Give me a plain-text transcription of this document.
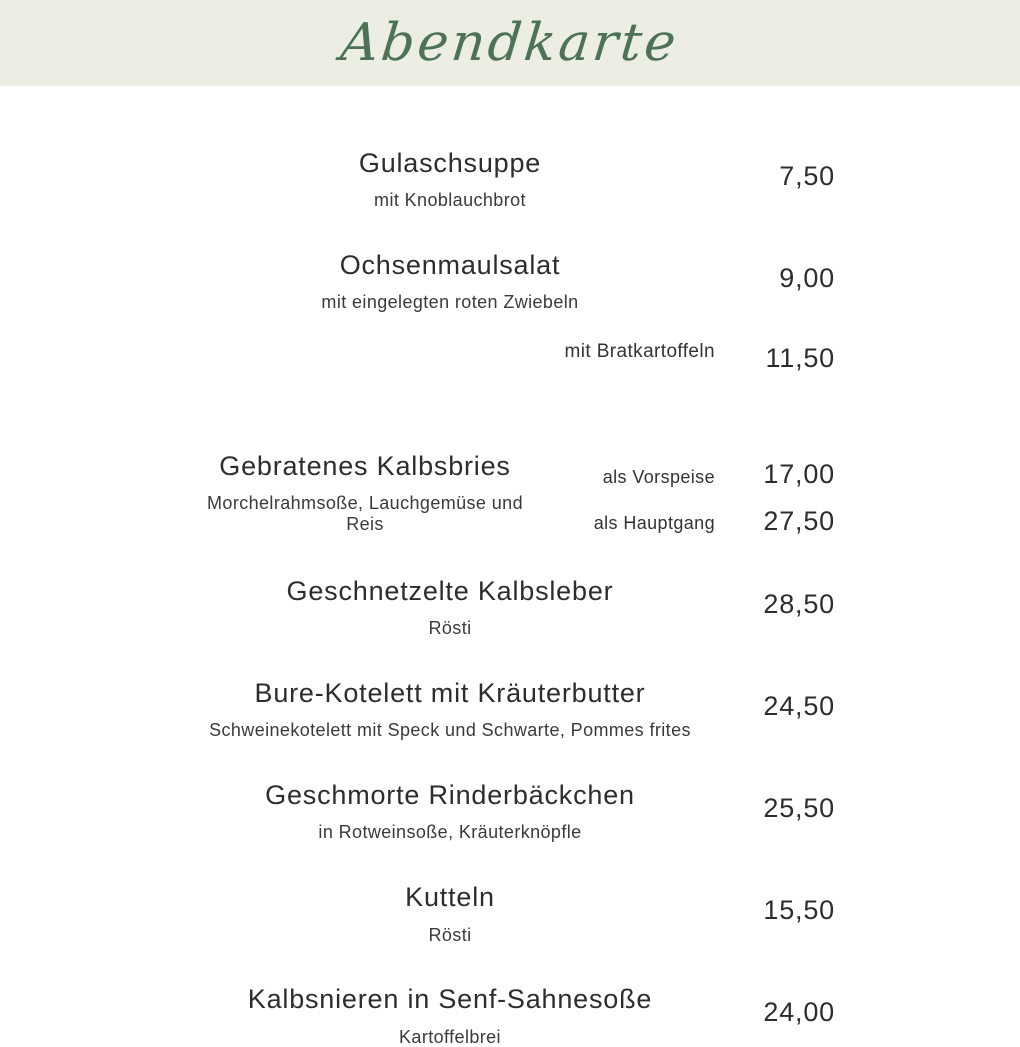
Abendkarte
Gulaschsuppe
mit Knoblauchbrot
7,50
Ochsenmaulsalat
mit eingelegten roten Zwiebeln
9,00
mit Bratkartoffeln	11,50
Gebratenes Kalbsbries
Morchelrahmsoße, Lauchgemüse und Reis
als Vorspeise
als Hauptgang
17,00
27,50
Geschnetzelte Kalbsleber
Rösti
28,50
Bure-Kotelett mit Kräuterbutter
Schweinekotelett mit Speck und Schwarte, Pommes frites
24,50
Geschmorte Rinderbäckchen
in Rotweinsoße, Kräuterknöpfle
25,50
Kutteln
Rösti
15,50
Kalbsnieren in Senf-Sahnesoße
Kartoffelbrei
24,00
